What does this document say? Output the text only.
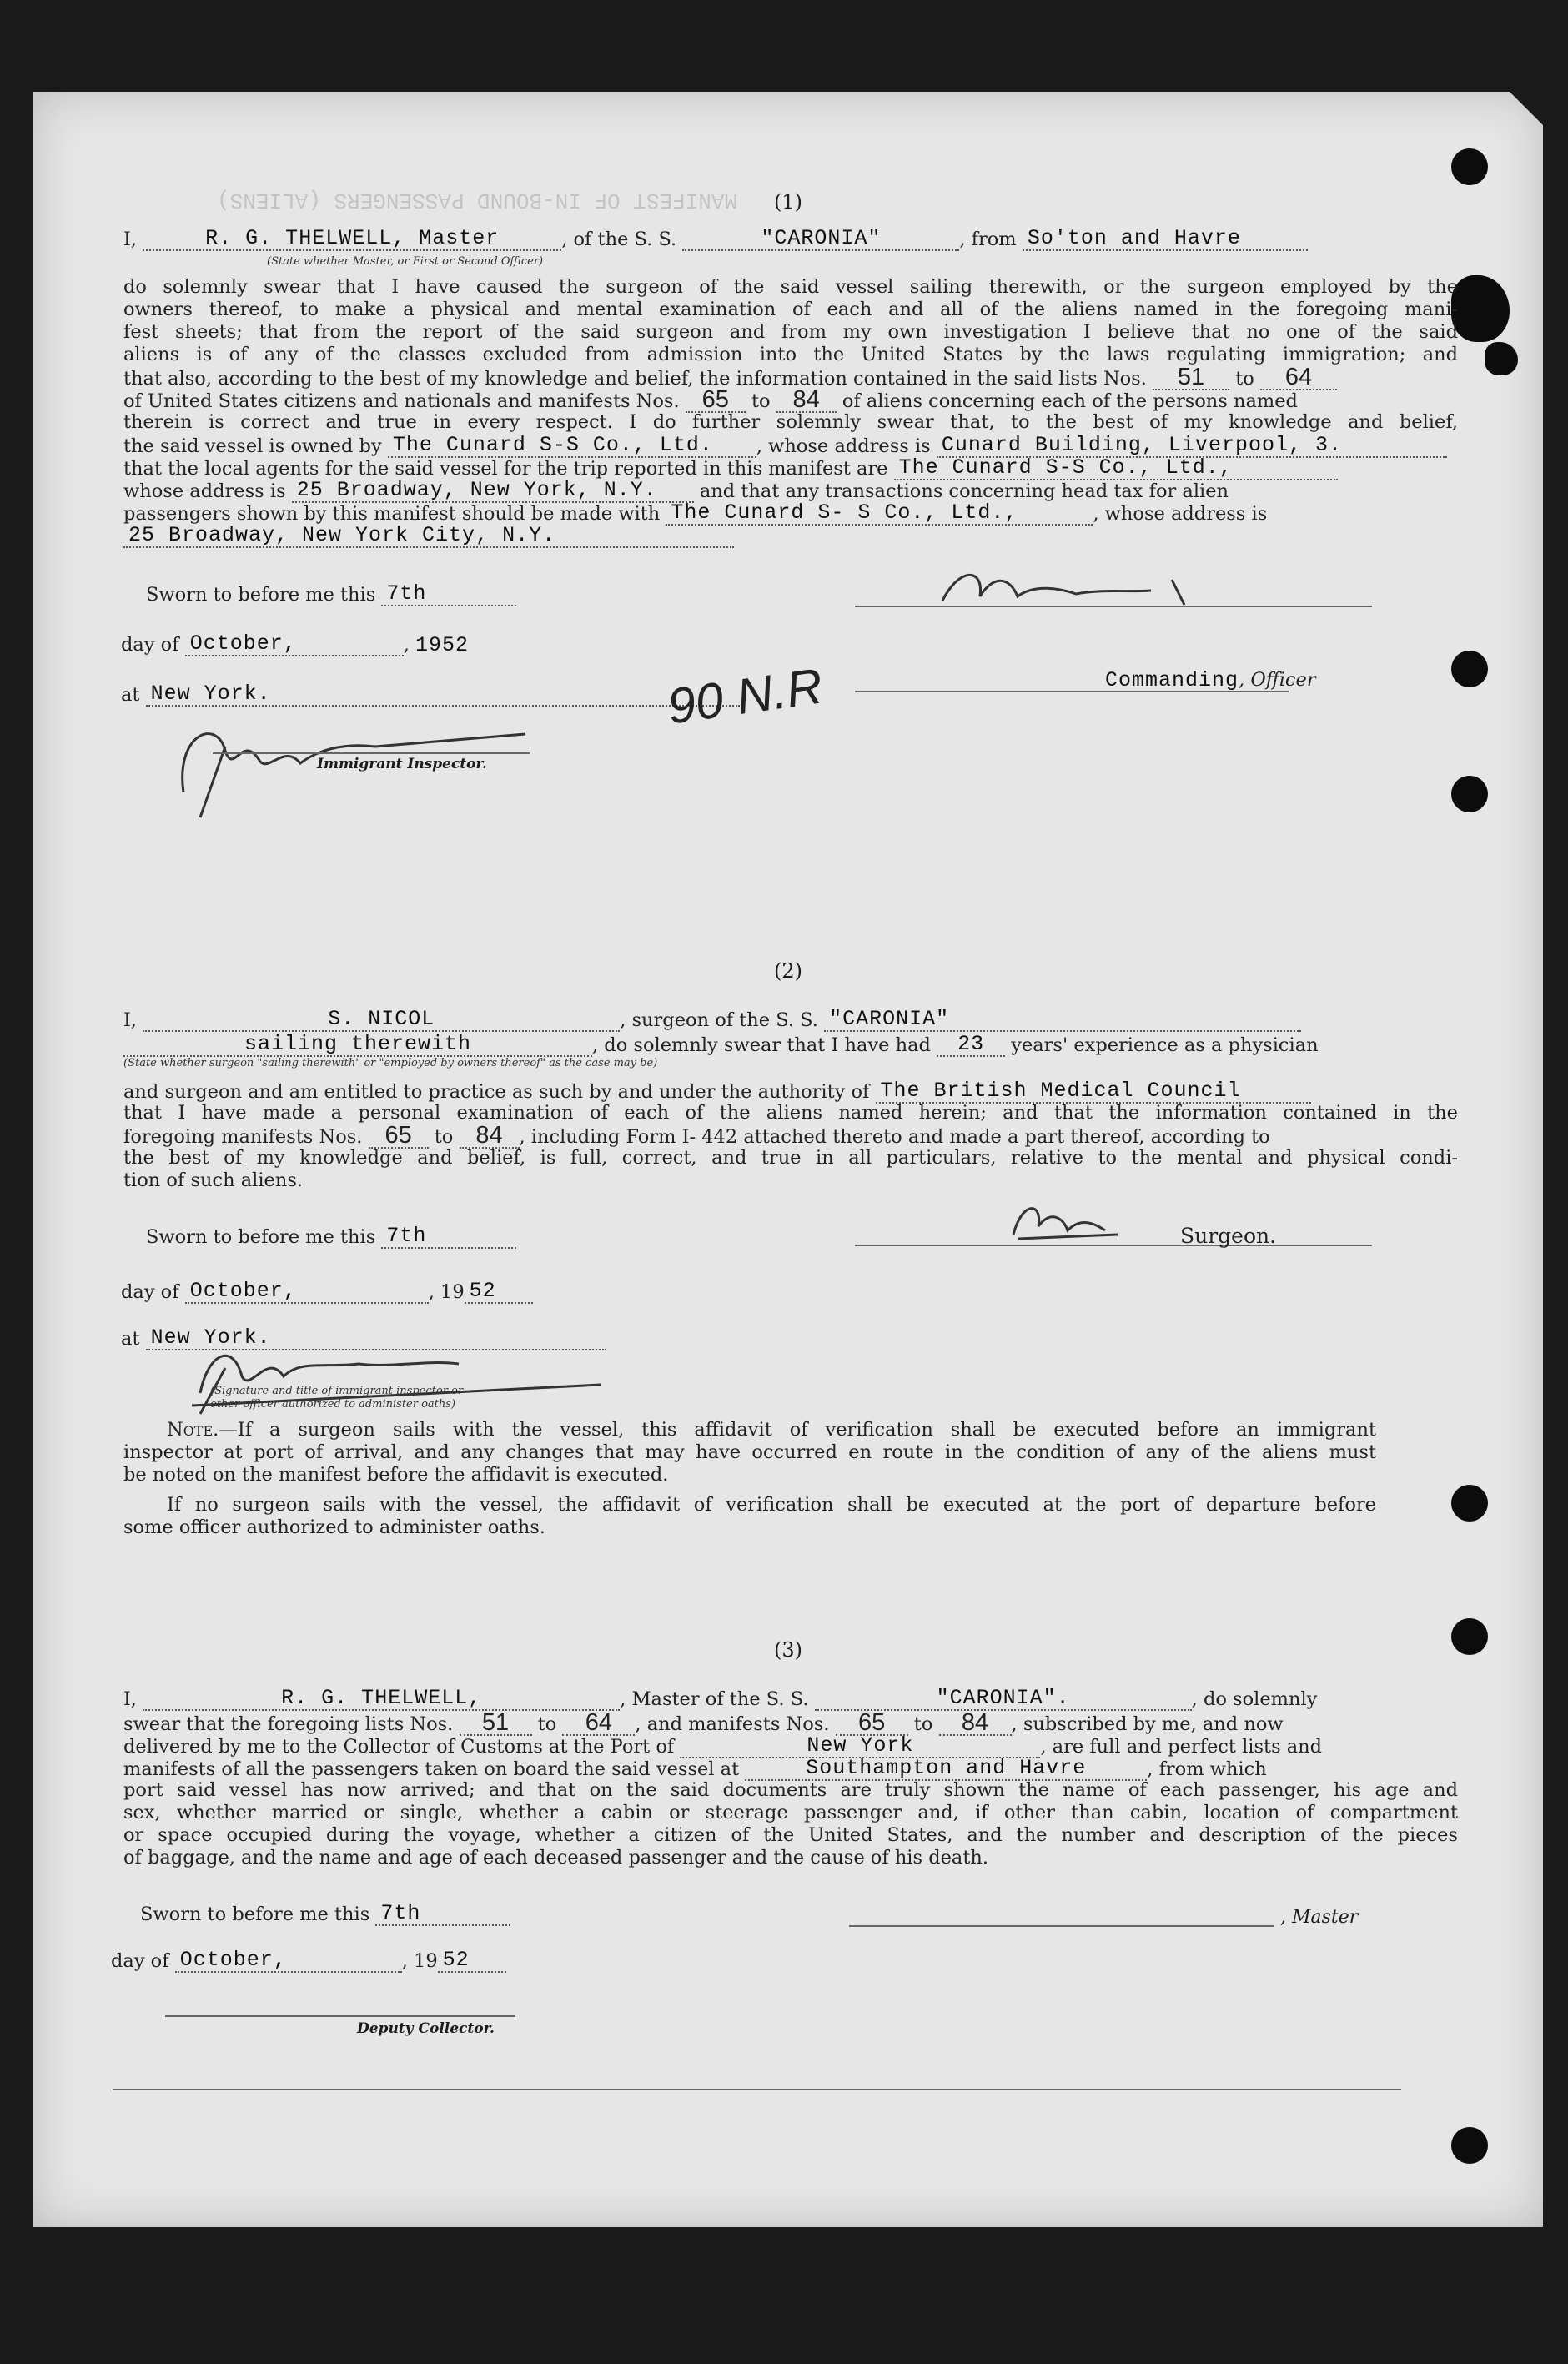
MANIFEST OF IN-BOUND PASSENGERS (ALIENS)	(1)
I,	R. G. THELWELL, Master	, of the S. S.	"CARONIA"	, from So'ton and Havre
(State whether Master, or First or Second Officer)
do solemnly swear that I have caused the surgeon of the said vessel sailing therewith, or the surgeon employed by the
owners thereof, to make a physical and mental examination of each and all of the aliens named in the foregoing mani-
fest sheets; that from the report of the said surgeon and from my own investigation I believe that no one of the said
aliens is of any of the classes excluded from admission into the United States by the laws regulating immigration; and
that also, according to the best of my knowledge and belief, the information contained in the said lists Nos. 51 to 64
of United States citizens and nationals and manifests Nos. 65 to 84 of aliens concerning each of the persons named
therein is correct and true in every respect. I do further solemnly swear that, to the best of my knowledge and belief,
the said vessel is owned by The Cunard S-S Co., Ltd. , whose address is Cunard Building, Liverpool, 3.
that the local agents for the said vessel for the trip reported in this manifest are The Cunard S-S Co., Ltd.,
whose address is 25 Broadway, New York, N.Y. and that any transactions concerning head tax for alien
passengers shown by this manifest should be made with The Cunard S- S Co., Ltd.,	, whose address is
25 Broadway, New York City, N.Y.
Sworn to before me this 7th
day of October,	, 1952
at New York.
Commanding, Officer
90 N.R
Immigrant Inspector.
(2)
I,	S. NICOL	, surgeon of the S. S. "CARONIA"
sailing therewith	, do solemnly swear that I have had 23 years' experience as a physician
(State whether surgeon "sailing therewith" or "employed by owners thereof" as the case may be)
and surgeon and am entitled to practice as such by and under the authority of The British Medical Council
that I have made a personal examination of each of the aliens named herein; and that the information contained in the
foregoing manifests Nos. 65 to 84 , including Form I- 442 attached thereto and made a part thereof, according to
the best of my knowledge and belief, is full, correct, and true in all particulars, relative to the mental and physical condi-
tion of such aliens.
Sworn to before me this 7th	Surgeon.
day of October,	, 19 52
at New York.
(Signature and title of immigrant inspector or
other officer authorized to administer oaths)
Note.—If a surgeon sails with the vessel, this affidavit of verification shall be executed before an immigrant
inspector at port of arrival, and any changes that may have occurred en route in the condition of any of the aliens must
be noted on the manifest before the affidavit is executed.
If no surgeon sails with the vessel, the affidavit of verification shall be executed at the port of departure before
some officer authorized to administer oaths.
(3)
I,	R. G. THELWELL,	, Master of the S. S.	"CARONIA".	, do solemnly
swear that the foregoing lists Nos. 51 to 64 , and manifests Nos. 65 to 84 , subscribed by me, and now
delivered by me to the Collector of Customs at the Port of	New York	, are full and perfect lists and
manifests of all the passengers taken on board the said vessel at	Southampton and Havre	, from which
port said vessel has now arrived; and that on the said documents are truly shown the name of each passenger, his age and
sex, whether married or single, whether a cabin or steerage passenger and, if other than cabin, location of compartment
or space occupied during the voyage, whether a citizen of the United States, and the number and description of the pieces
of baggage, and the name and age of each deceased passenger and the cause of his death.
Sworn to before me this 7th	, Master
day of October,	, 19 52
Deputy Collector.
